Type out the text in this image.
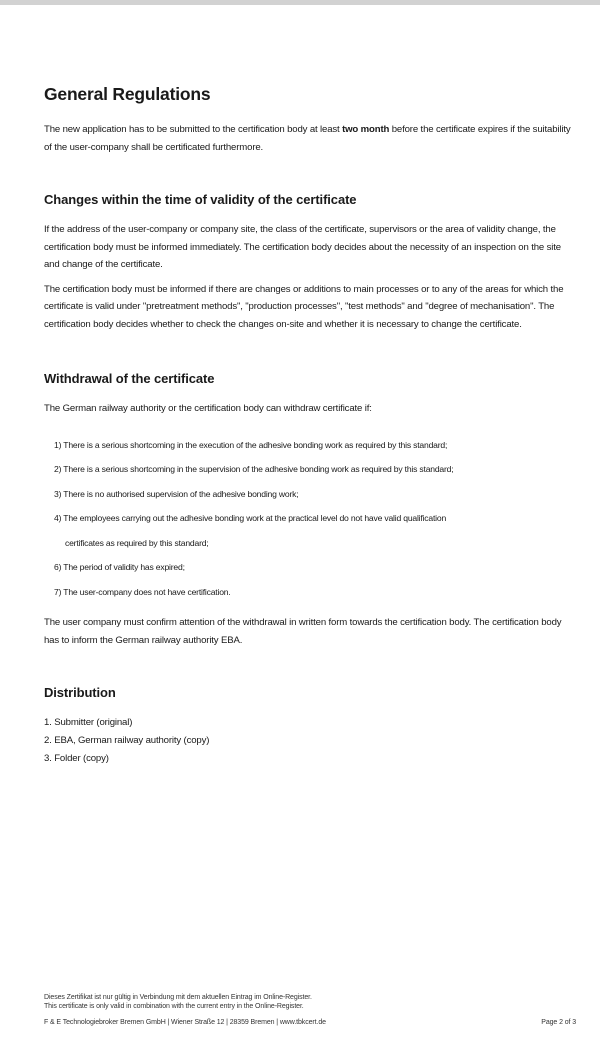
General Regulations

The new application has to be submitted to the certification body at least two month before the certificate expires if the suitability of the user-company shall be certificated furthermore.

Changes within the time of validity of the certificate

If the address of the user-company or company site, the class of the certificate, supervisors or the area of validity change, the certification body must be informed immediately. The certification body decides about the necessity of an inspection on the site and change of the certificate.

The certification body must be informed if there are changes or additions to main processes or to any of the areas for which the certificate is valid under "pretreatment methods", "production processes", "test methods" and "degree of mechanisation". The certification body decides whether to check the changes on-site and whether it is necessary to change the certificate.

Withdrawal of the certificate

The German railway authority or the certification body can withdraw certificate if:

1) There is a serious shortcoming in the execution of the adhesive bonding work as required by this standard;
2) There is a serious shortcoming in the supervision of the adhesive bonding work as required by this standard;
3) There is no authorised supervision of the adhesive bonding work;
4) The employees carrying out the adhesive bonding work at the practical level do not have valid qualification
certificates as required by this standard;
6) The period of validity has expired;
7) The user-company does not have certification.

The user company must confirm attention of the withdrawal in written form towards the certification body. The certification body has to inform the German railway authority EBA.

Distribution
1. Submitter (original)
2. EBA, German railway authority (copy)
3. Folder (copy)
Dieses Zertifikat ist nur gültig in Verbindung mit dem aktuellen Eintrag im Online-Register.
This certificate is only valid in combination with the current entry in the Online-Register.
F & E Technologiebroker Bremen GmbH | Wiener Straße 12 | 28359 Bremen | www.tbkcert.de	Page 2 of 3
